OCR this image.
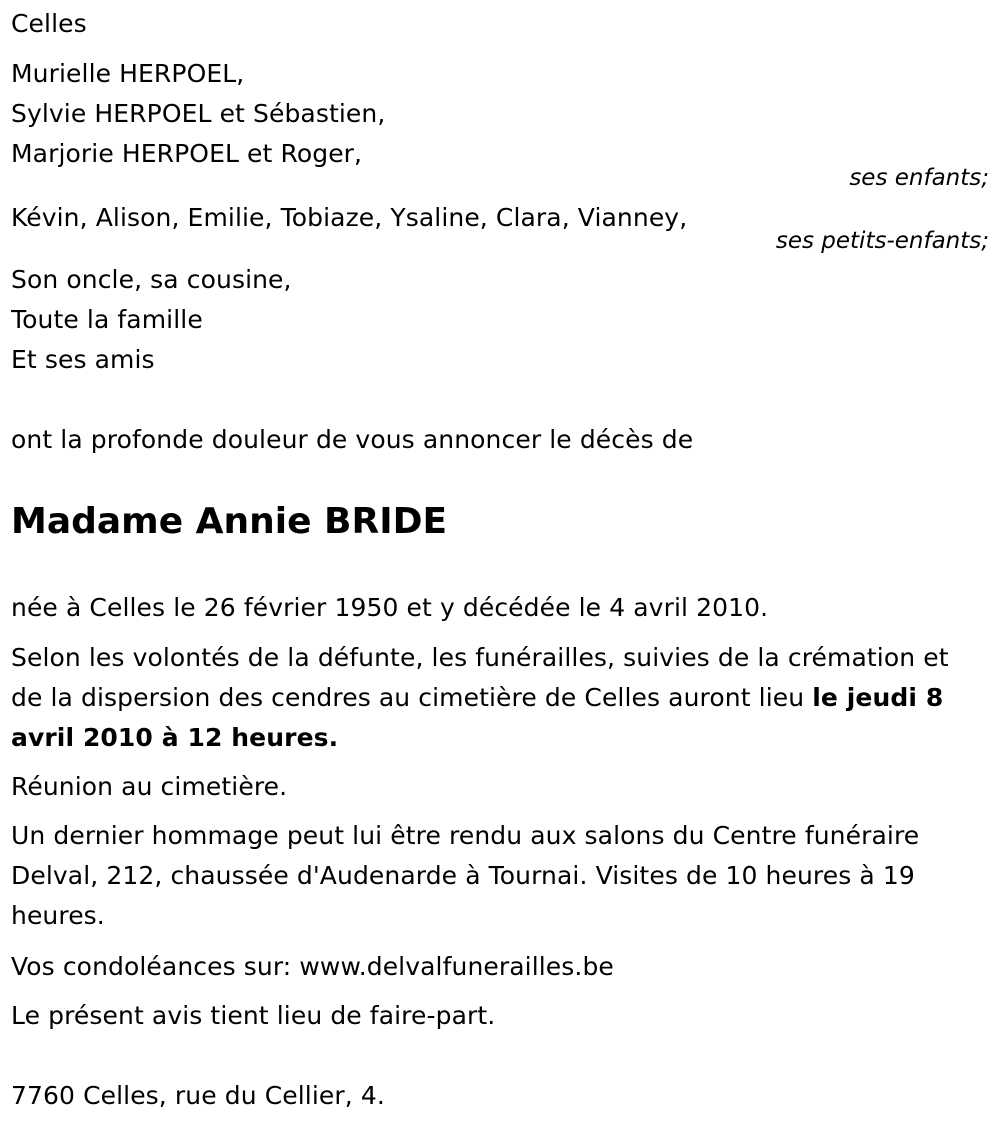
Celles
Murielle HERPOEL,
Sylvie HERPOEL et Sébastien,
Marjorie HERPOEL et Roger,
ses enfants;
Kévin, Alison, Emilie, Tobiaze, Ysaline, Clara, Vianney,
ses petits-enfants;
Son oncle, sa cousine,
Toute la famille
Et ses amis
ont la profonde douleur de vous annoncer le décès de
Madame Annie BRIDE
née à Celles le 26 février 1950 et y décédée le 4 avril 2010.
Selon les volontés de la défunte, les funérailles, suivies de la crémation et de la dispersion des cendres au cimetière de Celles auront lieu le jeudi 8 avril 2010 à 12 heures.
Réunion au cimetière.
Un dernier hommage peut lui être rendu aux salons du Centre funéraire Delval, 212, chaussée d'Audenarde à Tournai. Visites de 10 heures à 19 heures.
Vos condoléances sur: www.delvalfunerailles.be
Le présent avis tient lieu de faire-part.
7760 Celles, rue du Cellier, 4.
